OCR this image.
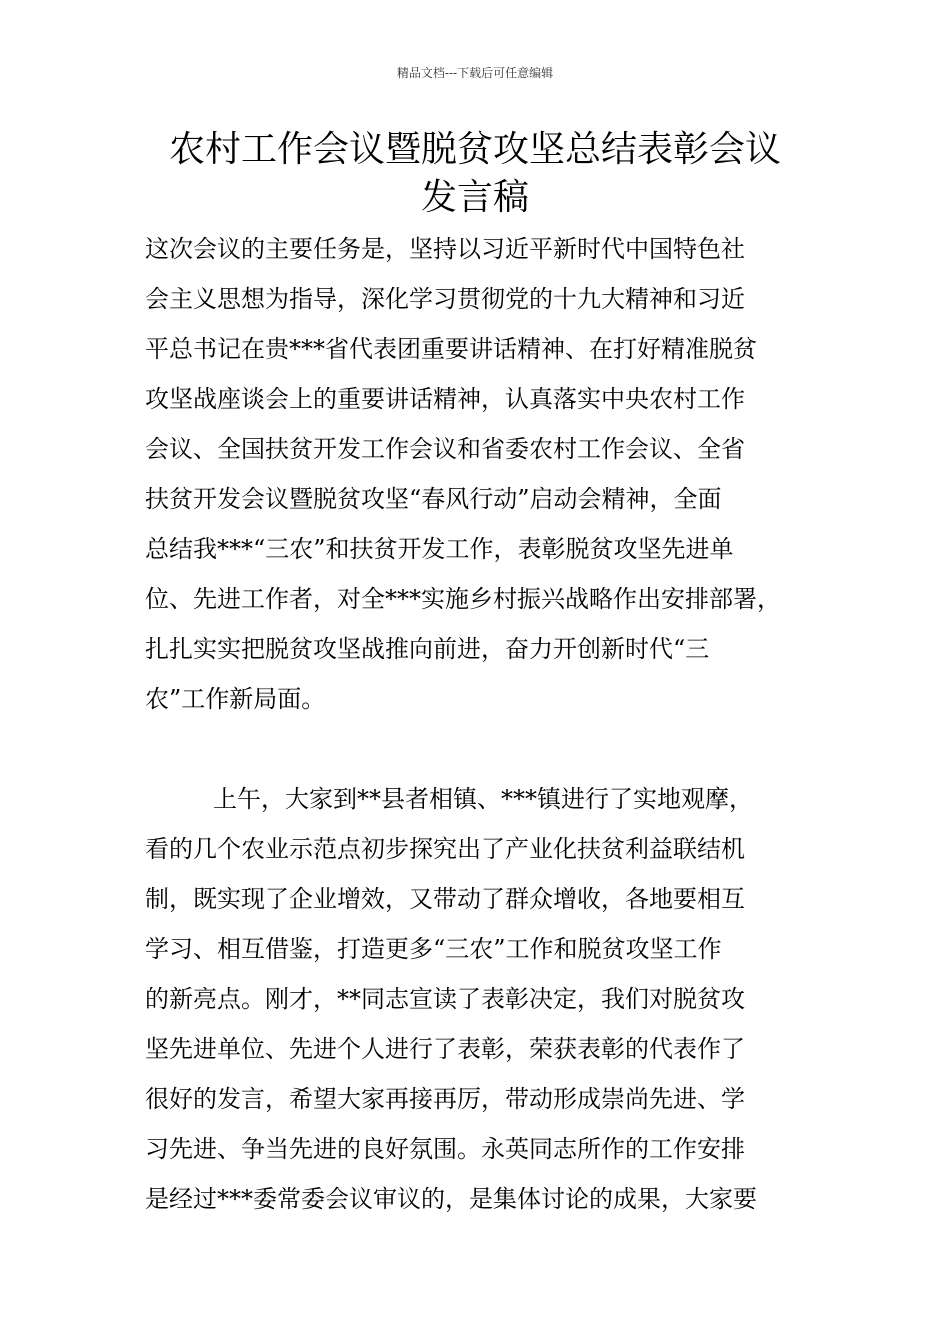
精品文档---下载后可任意编辑
农村工作会议暨脱贫攻坚总结表彰会议
发言稿
这次会议的主要任务是，坚持以习近平新时代中国特色社
会主义思想为指导，深化学习贯彻党的十九大精神和习近
平总书记在贵***省代表团重要讲话精神、在打好精准脱贫
攻坚战座谈会上的重要讲话精神，认真落实中央农村工作
会议、全国扶贫开发工作会议和省委农村工作会议、全省
扶贫开发会议暨脱贫攻坚“春风行动”启动会精神，全面
总结我***“三农”和扶贫开发工作，表彰脱贫攻坚先进单
位、先进工作者，对全***实施乡村振兴战略作出安排部署，
扎扎实实把脱贫攻坚战推向前进，奋力开创新时代“三
农”工作新局面。
上午，大家到**县者相镇、***镇进行了实地观摩，
看的几个农业示范点初步探究出了产业化扶贫利益联结机
制，既实现了企业增效，又带动了群众增收，各地要相互
学习、相互借鉴，打造更多“三农”工作和脱贫攻坚工作
的新亮点。刚才，**同志宣读了表彰决定，我们对脱贫攻
坚先进单位、先进个人进行了表彰，荣获表彰的代表作了
很好的发言，希望大家再接再厉，带动形成崇尚先进、学
习先进、争当先进的良好氛围。永英同志所作的工作安排
是经过***委常委会议审议的，是集体讨论的成果，大家要
